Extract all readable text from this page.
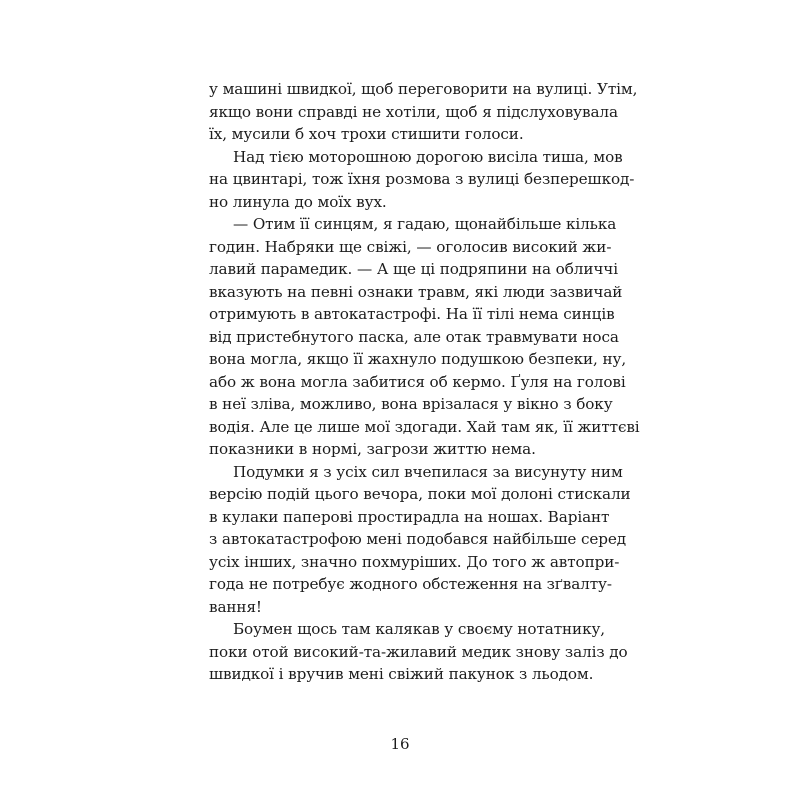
у машині швидкої, щоб переговорити на вулиці. Утім,
якщо вони справді не хотіли, щоб я підслуховувала
їх, мусили б хоч трохи стишити голоси.
Над тією моторошною дорогою висіла тиша, мов
на цвинтарі, тож їхня розмова з вулиці безперешкод-
но линула до моїх вух.
— Отим її синцям, я гадаю, щонайбільше кілька
годин. Набряки ще свіжі, — оголосив високий жи-
лавий парамедик. — А ще ці подряпини на обличчі
вказують на певні ознаки травм, які люди зазвичай
отримують в автокатастрофі. На її тілі нема синців
від пристебнутого паска, але отак травмувати носа
вона могла, якщо її жахнуло подушкою безпеки, ну,
або ж вона могла забитися об кермо. Ґуля на голові
в неї зліва, можливо, вона врізалася у вікно з боку
водія. Але це лише мої здогади. Хай там як, її життєві
показники в нормі, загрози життю нема.
Подумки я з усіх сил вчепилася за висунуту ним
версію подій цього вечора, поки мої долоні стискали
в кулаки паперові простирадла на ношах. Варіант
з автокатастрофою мені подобався найбільше серед
усіх інших, значно похмуріших. До того ж автопри-
года не потребує жодного обстеження на зґвалту-
вання!
Боумен щось там калякав у своєму нотатнику,
поки отой високий-та-жилавий медик знову заліз до
швидкої і вручив мені свіжий пакунок з льодом.
16
